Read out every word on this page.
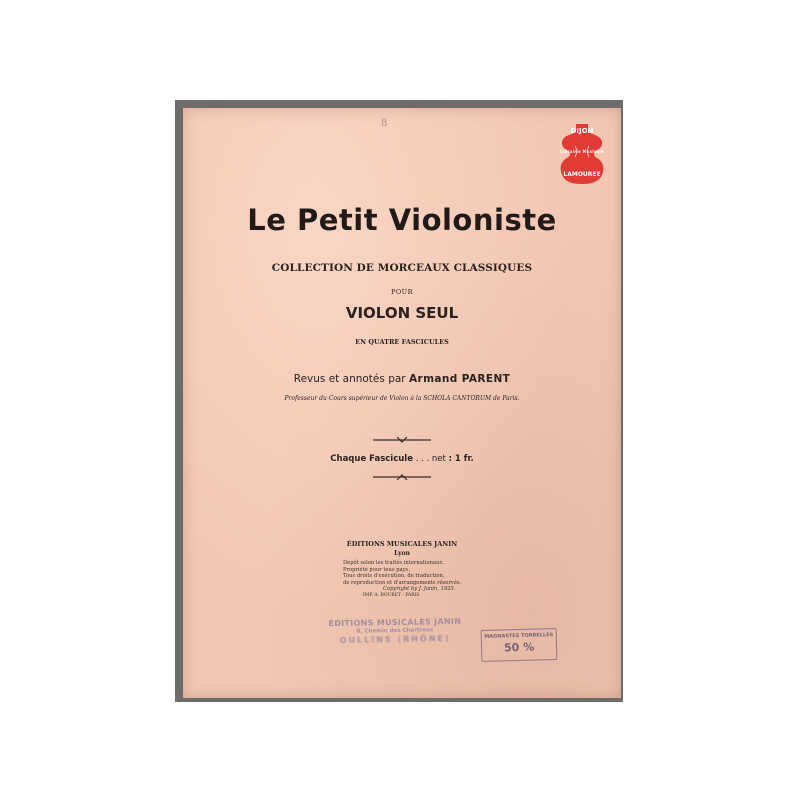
8
DIJON
Librairie Musicale
LAMOUREE
Le Petit Violoniste
COLLECTION DE MORCEAUX CLASSIQUES
POUR
VIOLON SEUL
EN QUATRE FASCICULES
Revus et annotés par Armand PARENT
Professeur du Cours supérieur de Violon à la SCHOLA CANTORUM de Paris.
Chaque Fascicule . . . net : 1 fr.
ÉDITIONS MUSICALES JANIN
Lyon
Dépôt selon les traités internationaux.
Propriété pour tous pays.
Tous droits d'exécution, de traduction,
de reproduction et d'arrangements réservés.
Copyright by J. Janin, 1925.
IMP. A. BOURET - PARIS
ÉDITIONS MUSICALES JANIN
8, Chemin des Chartreux
OULLINS (RHÔNE)	MAGNASTES TORRELLES
50 %
